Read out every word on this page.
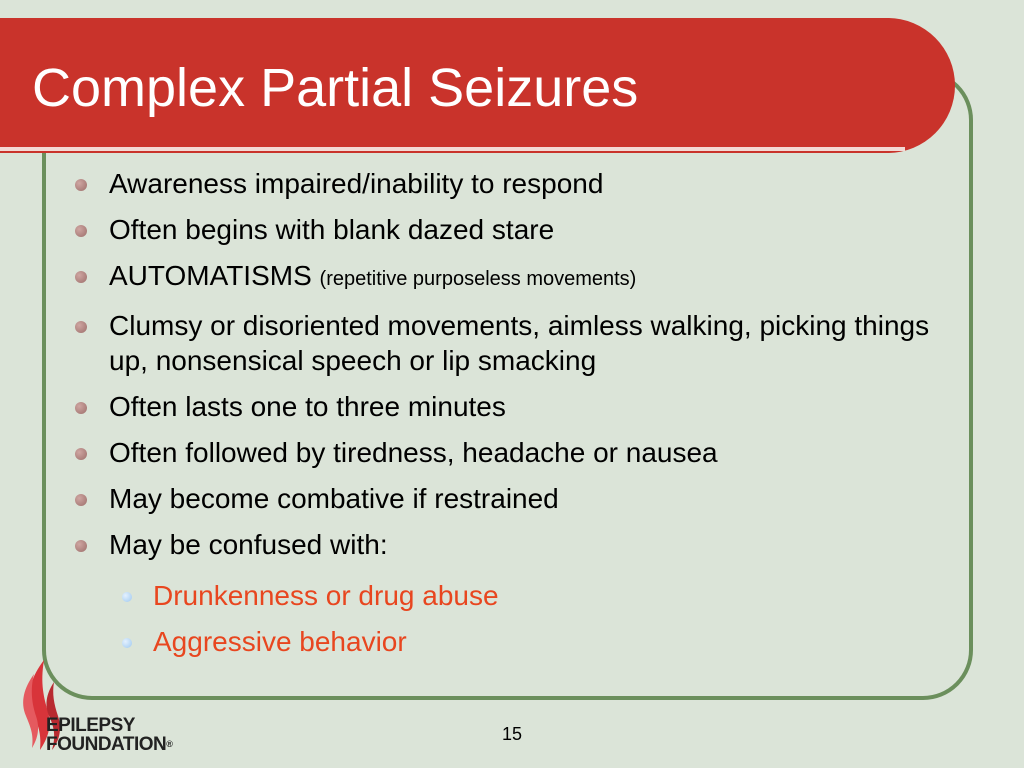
Complex Partial Seizures
Awareness impaired/inability to respond
Often begins with blank dazed stare
AUTOMATISMS (repetitive purposeless movements)
Clumsy or disoriented movements, aimless walking, picking things up, nonsensical speech or lip smacking
Often lasts one to three minutes
Often followed by tiredness, headache or nausea
May become combative if restrained
May be confused with:
Drunkenness or drug abuse
Aggressive behavior
EPILEPSY
FOUNDATION®	15
